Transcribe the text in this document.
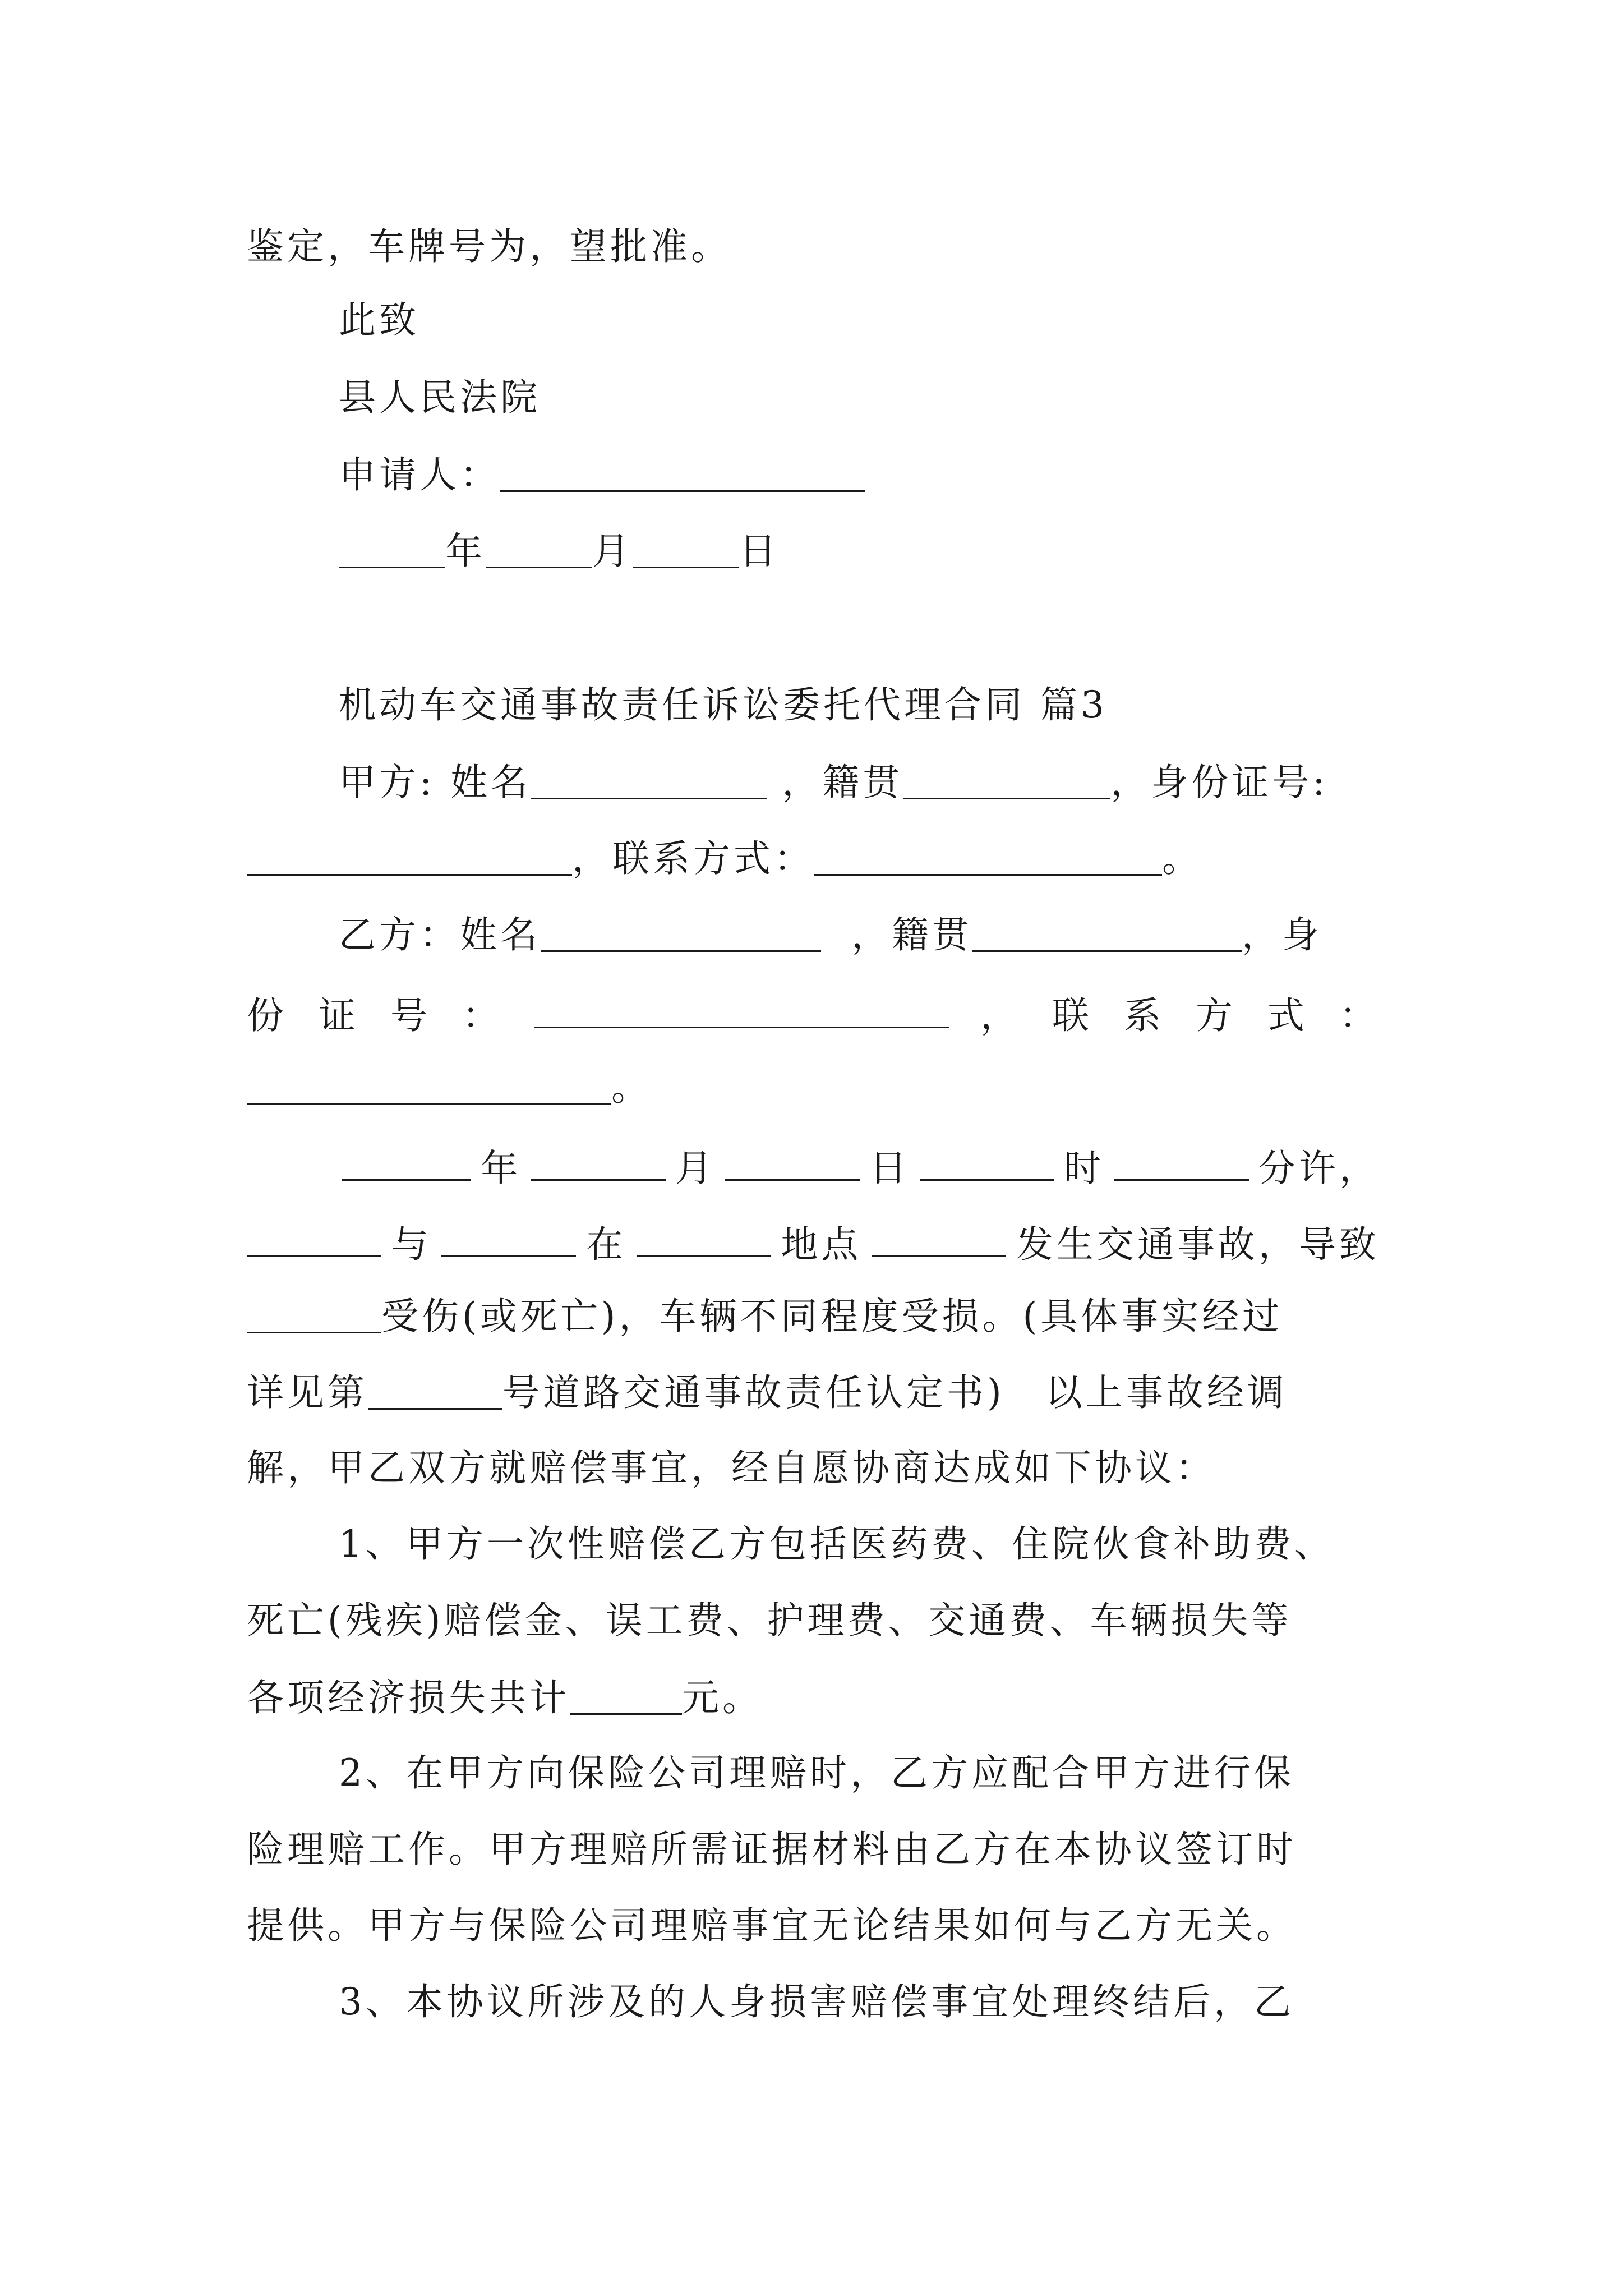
鉴定，车牌号为，望批准。
此致
县人民法院
申请人：
年	月	日
机动车交通事故责任诉讼委托代理合同 篇3
甲方: 姓名	，籍贯	，身份证号:
，联系方式：	。
乙方：姓名	，籍贯	，身
份 证 号 ：	， 联 系 方 式 ：
。
年	月	日	时	分许，
与	在	地点	发生交通事故，导致
受伤(或死亡)，车辆不同程度受损。(具体事实经过
详见第	号道路交通事故责任认定书)　以上事故经调
解，甲乙双方就赔偿事宜，经自愿协商达成如下协议：
1、甲方一次性赔偿乙方包括医药费、住院伙食补助费、
死亡(残疾)赔偿金、误工费、护理费、交通费、车辆损失等
各项经济损失共计	元。
2、在甲方向保险公司理赔时，乙方应配合甲方进行保
险理赔工作。甲方理赔所需证据材料由乙方在本协议签订时
提供。甲方与保险公司理赔事宜无论结果如何与乙方无关。
3、本协议所涉及的人身损害赔偿事宜处理终结后，乙
